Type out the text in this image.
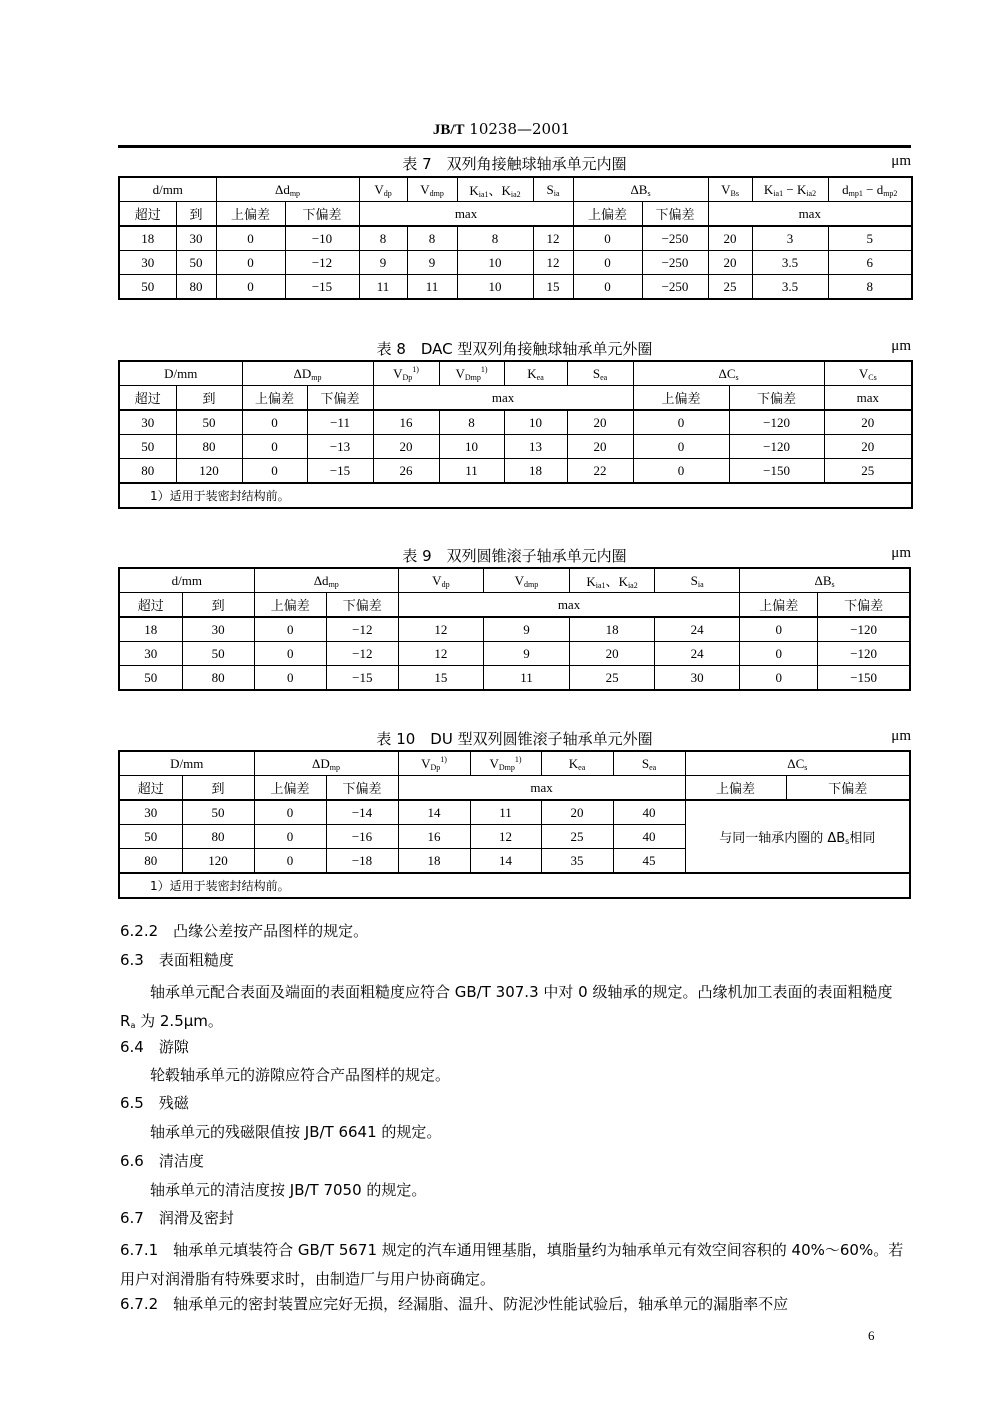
JB/T 10238—2001
表 7　双列角接触球轴承单元内圈	μm
d/mm		$\Delta d_{mp}$		$V_{dp}$	$V_{dmp}$	$K_{ia1}$、$K_{ia2}$	$S_{ia}$	$\Delta B_s$		$V_{Bs}$	$K_{ia1} - K_{ia2}$	$d_{mp1} - d_{mp2}$
超过	到	上偏差	下偏差	max				上偏差	下偏差	max		
18	30	0	−10	8	8	8	12	0	−250	20	3	5
30	50	0	−12	9	9	10	12	0	−250	20	3.5	6
50	80	0	−15	11	11	10	15	0	−250	25	3.5	8
表 8　DAC 型双列角接触球轴承单元外圈	μm
D/mm		$\Delta D_{mp}$		$V_{Dp}^{1)}$	$V_{Dmp}^{1)}$	$K_{ea}$	$S_{ea}$	$\Delta C_s$		$V_{Cs}$
超过	到	上偏差	下偏差	max				上偏差	下偏差	max
30	50	0	−11	16	8	10	20	0	−120	20
50	80	0	−13	20	10	13	20	0	−120	20
80	120	0	−15	26	11	18	22	0	−150	25
1）适用于装密封结构前。										
表 9　双列圆锥滚子轴承单元内圈	μm
d/mm		$\Delta d_{mp}$		$V_{dp}$	$V_{dmp}$	$K_{ia1}$、$K_{ia2}$	$S_{ia}$	$\Delta B_s$
超过	到	上偏差	下偏差	max				上偏差	下偏差
18	30	0	−12	12	9	18	24	0	−120
30	50	0	−12	12	9	20	24	0	−120
50	80	0	−15	15	11	25	30	0	−150
表 10　DU 型双列圆锥滚子轴承单元外圈	μm
D/mm		$\Delta D_{mp}$		$V_{Dp}^{1)}$	$V_{Dmp}^{1)}$	$K_{ea}$	$S_{ea}$	$\Delta C_s$
超过	到	上偏差	下偏差	max				上偏差	下偏差
30	50	0	−14	14	11	20	40	与同一轴承内圈的 $\Delta B_s$相同	
50	80	0	−16	16	12	25	40		
80	120	0	−18	18	14	35	45		
1）适用于装密封结构前。									
6.2.2　凸缘公差按产品图样的规定。
6.3　表面粗糙度
轴承单元配合表面及端面的表面粗糙度应符合 GB/T 307.3 中对 0 级轴承的规定。凸缘机加工表面的表面粗糙度 $R_a$ 为 2.5μm。
6.4　游隙
轮毂轴承单元的游隙应符合产品图样的规定。
6.5　残磁
轴承单元的残磁限值按 JB/T 6641 的规定。
6.6　清洁度
轴承单元的清洁度按 JB/T 7050 的规定。
6.7　润滑及密封
6.7.1　轴承单元填装符合 GB/T 5671 规定的汽车通用锂基脂，填脂量约为轴承单元有效空间容积的 40%～60%。若用户对润滑脂有特殊要求时，由制造厂与用户协商确定。
6.7.2　轴承单元的密封装置应完好无损，经漏脂、温升、防泥沙性能试验后，轴承单元的漏脂率不应
6
